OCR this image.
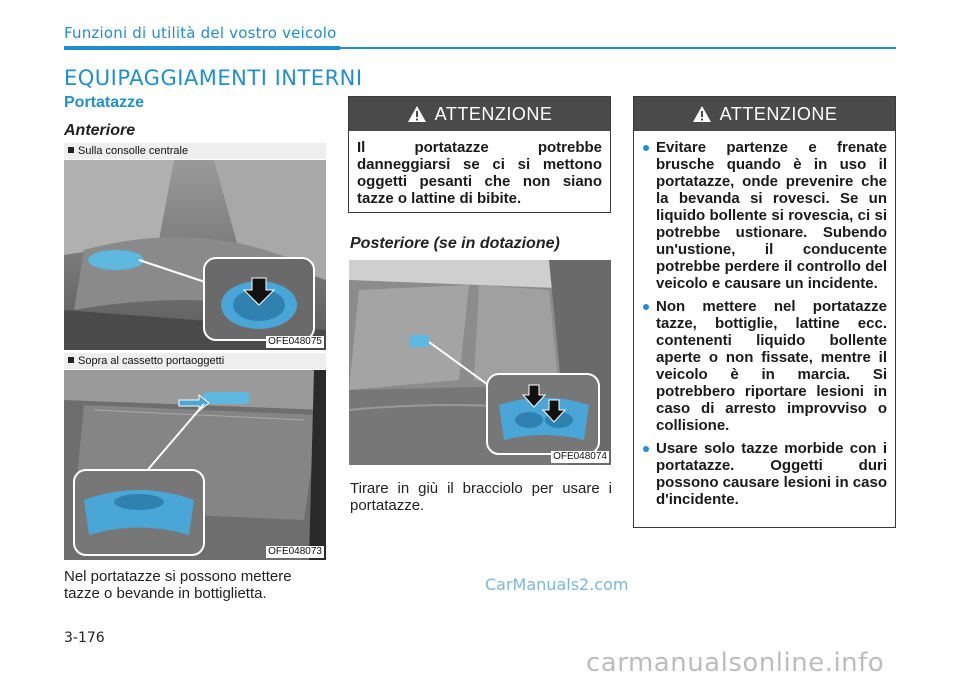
Funzioni di utilità del vostro veicolo
EQUIPAGGIAMENTI INTERNI
Portatazze
Anteriore
Sulla consolle centrale
OFE048075
Sopra al cassetto portaoggetti
OFE048073
Nel portatazze si possono mettere tazze o bevande in bottiglietta.
ATTENZIONE
Il portatazze potrebbe danneggiarsi se ci si mettono oggetti pesanti che non siano tazze o lattine di bibite.
Posteriore (se in dotazione)
OFE048074
Tirare in giù il bracciolo per usare i portatazze.
ATTENZIONE
Evitare partenze e frenate brusche quando è in uso il portatazze, onde prevenire che la bevanda si rovesci. Se un liquido bollente si rovescia, ci si potrebbe ustionare. Subendo un'ustione, il conducente potrebbe perdere il controllo del veicolo e causare un incidente.
Non mettere nel portatazze tazze, bottiglie, lattine ecc. contenenti liquido bollente aperte o non fissate, mentre il veicolo è in marcia. Si potrebbero riportare lesioni in caso di arresto improvviso o collisione.
Usare solo tazze morbide con i portatazze. Oggetti duri possono causare lesioni in caso d'incidente.
CarManuals2.com
3-176
carmanualsonline.info
